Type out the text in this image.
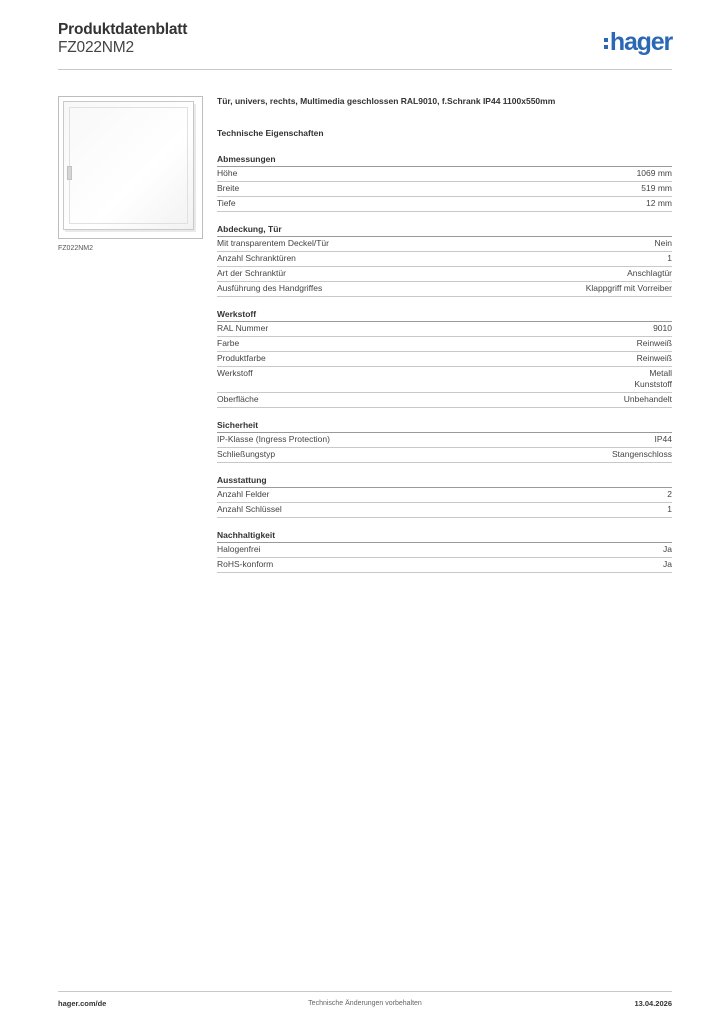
Produktdatenblatt
FZ022NM2	hager
FZ022NM2
Tür, univers, rechts, Multimedia geschlossen RAL9010, f.Schrank IP44 1100x550mm
Technische Eigenschaften
Abmessungen
Höhe	1069 mm
Breite	519 mm
Tiefe	12 mm
Abdeckung, Tür
Mit transparentem Deckel/Tür	Nein
Anzahl Schranktüren	1
Art der Schranktür	Anschlagtür
Ausführung des Handgriffes	Klappgriff mit Vorreiber
Werkstoff
RAL Nummer	9010
Farbe	Reinweiß
Produktfarbe	Reinweiß
Werkstoff	Metall
Kunststoff
Oberfläche	Unbehandelt
Sicherheit
IP-Klasse (Ingress Protection)	IP44
Schließungstyp	Stangenschloss
Ausstattung
Anzahl Felder	2
Anzahl Schlüssel	1
Nachhaltigkeit
Halogenfrei	Ja
RoHS-konform	Ja
hager.com/de	Technische Änderungen vorbehalten	13.04.2026
